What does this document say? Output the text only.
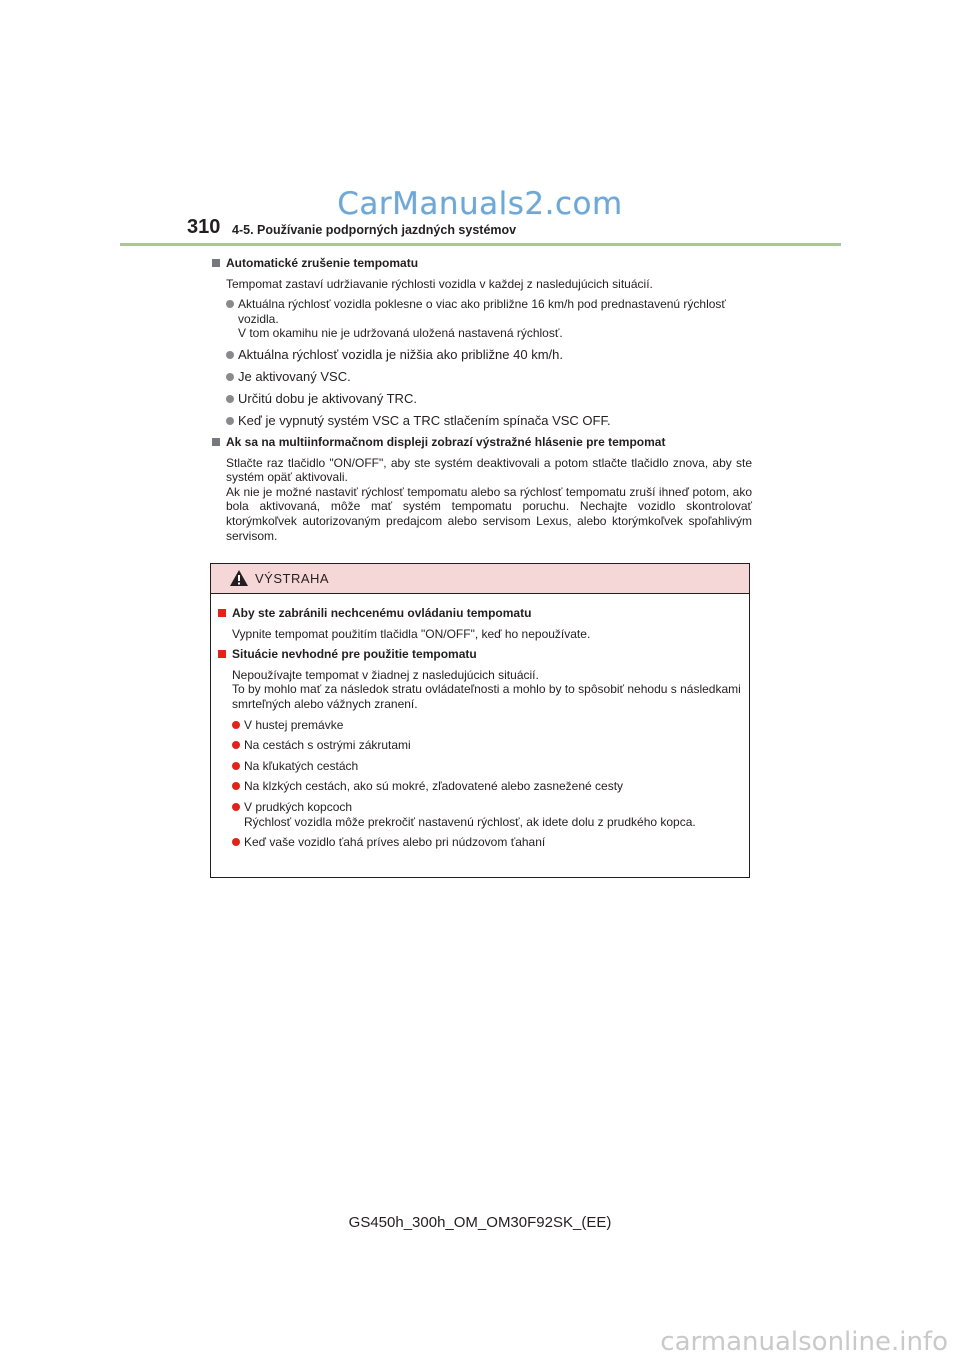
CarManuals2.com
310 4-5. Používanie podporných jazdných systémov
Automatické zrušenie tempomatu
Tempomat zastaví udržiavanie rýchlosti vozidla v každej z nasledujúcich situácií.
Aktuálna rýchlosť vozidla poklesne o viac ako približne 16 km/h pod prednastavenú rýchlosť vozidla.
V tom okamihu nie je udržovaná uložená nastavená rýchlosť.
Aktuálna rýchlosť vozidla je nižšia ako približne 40 km/h.
Je aktivovaný VSC.
Určitú dobu je aktivovaný TRC.
Keď je vypnutý systém VSC a TRC stlačením spínača VSC OFF.
Ak sa na multiinformačnom displeji zobrazí výstražné hlásenie pre tempomat
Stlačte raz tlačidlo "ON/OFF", aby ste systém deaktivovali a potom stlačte tlačidlo znova, aby ste systém opäť aktivovali.
Ak nie je možné nastaviť rýchlosť tempomatu alebo sa rýchlosť tempomatu zruší ihneď potom, ako bola aktivovaná, môže mať systém tempomatu poruchu. Nechajte vozidlo skontrolovať ktorýmkoľvek autorizovaným predajcom alebo servisom Lexus, alebo ktorýmkoľvek spoľahlivým servisom.
VÝSTRAHA
Aby ste zabránili nechcenému ovládaniu tempomatu
Vypnite tempomat použitím tlačidla "ON/OFF", keď ho nepoužívate.
Situácie nevhodné pre použitie tempomatu
Nepoužívajte tempomat v žiadnej z nasledujúcich situácií.
To by mohlo mať za následok stratu ovládateľnosti a mohlo by to spôsobiť nehodu s následkami smrteľných alebo vážnych zranení.
V hustej premávke
Na cestách s ostrými zákrutami
Na kľukatých cestách
Na klzkých cestách, ako sú mokré, zľadovatené alebo zasnežené cesty
V prudkých kopcoch
Rýchlosť vozidla môže prekročiť nastavenú rýchlosť, ak idete dolu z prudkého kopca.
Keď vaše vozidlo ťahá príves alebo pri núdzovom ťahaní
GS450h_300h_OM_OM30F92SK_(EE)
carmanualsonline.info
